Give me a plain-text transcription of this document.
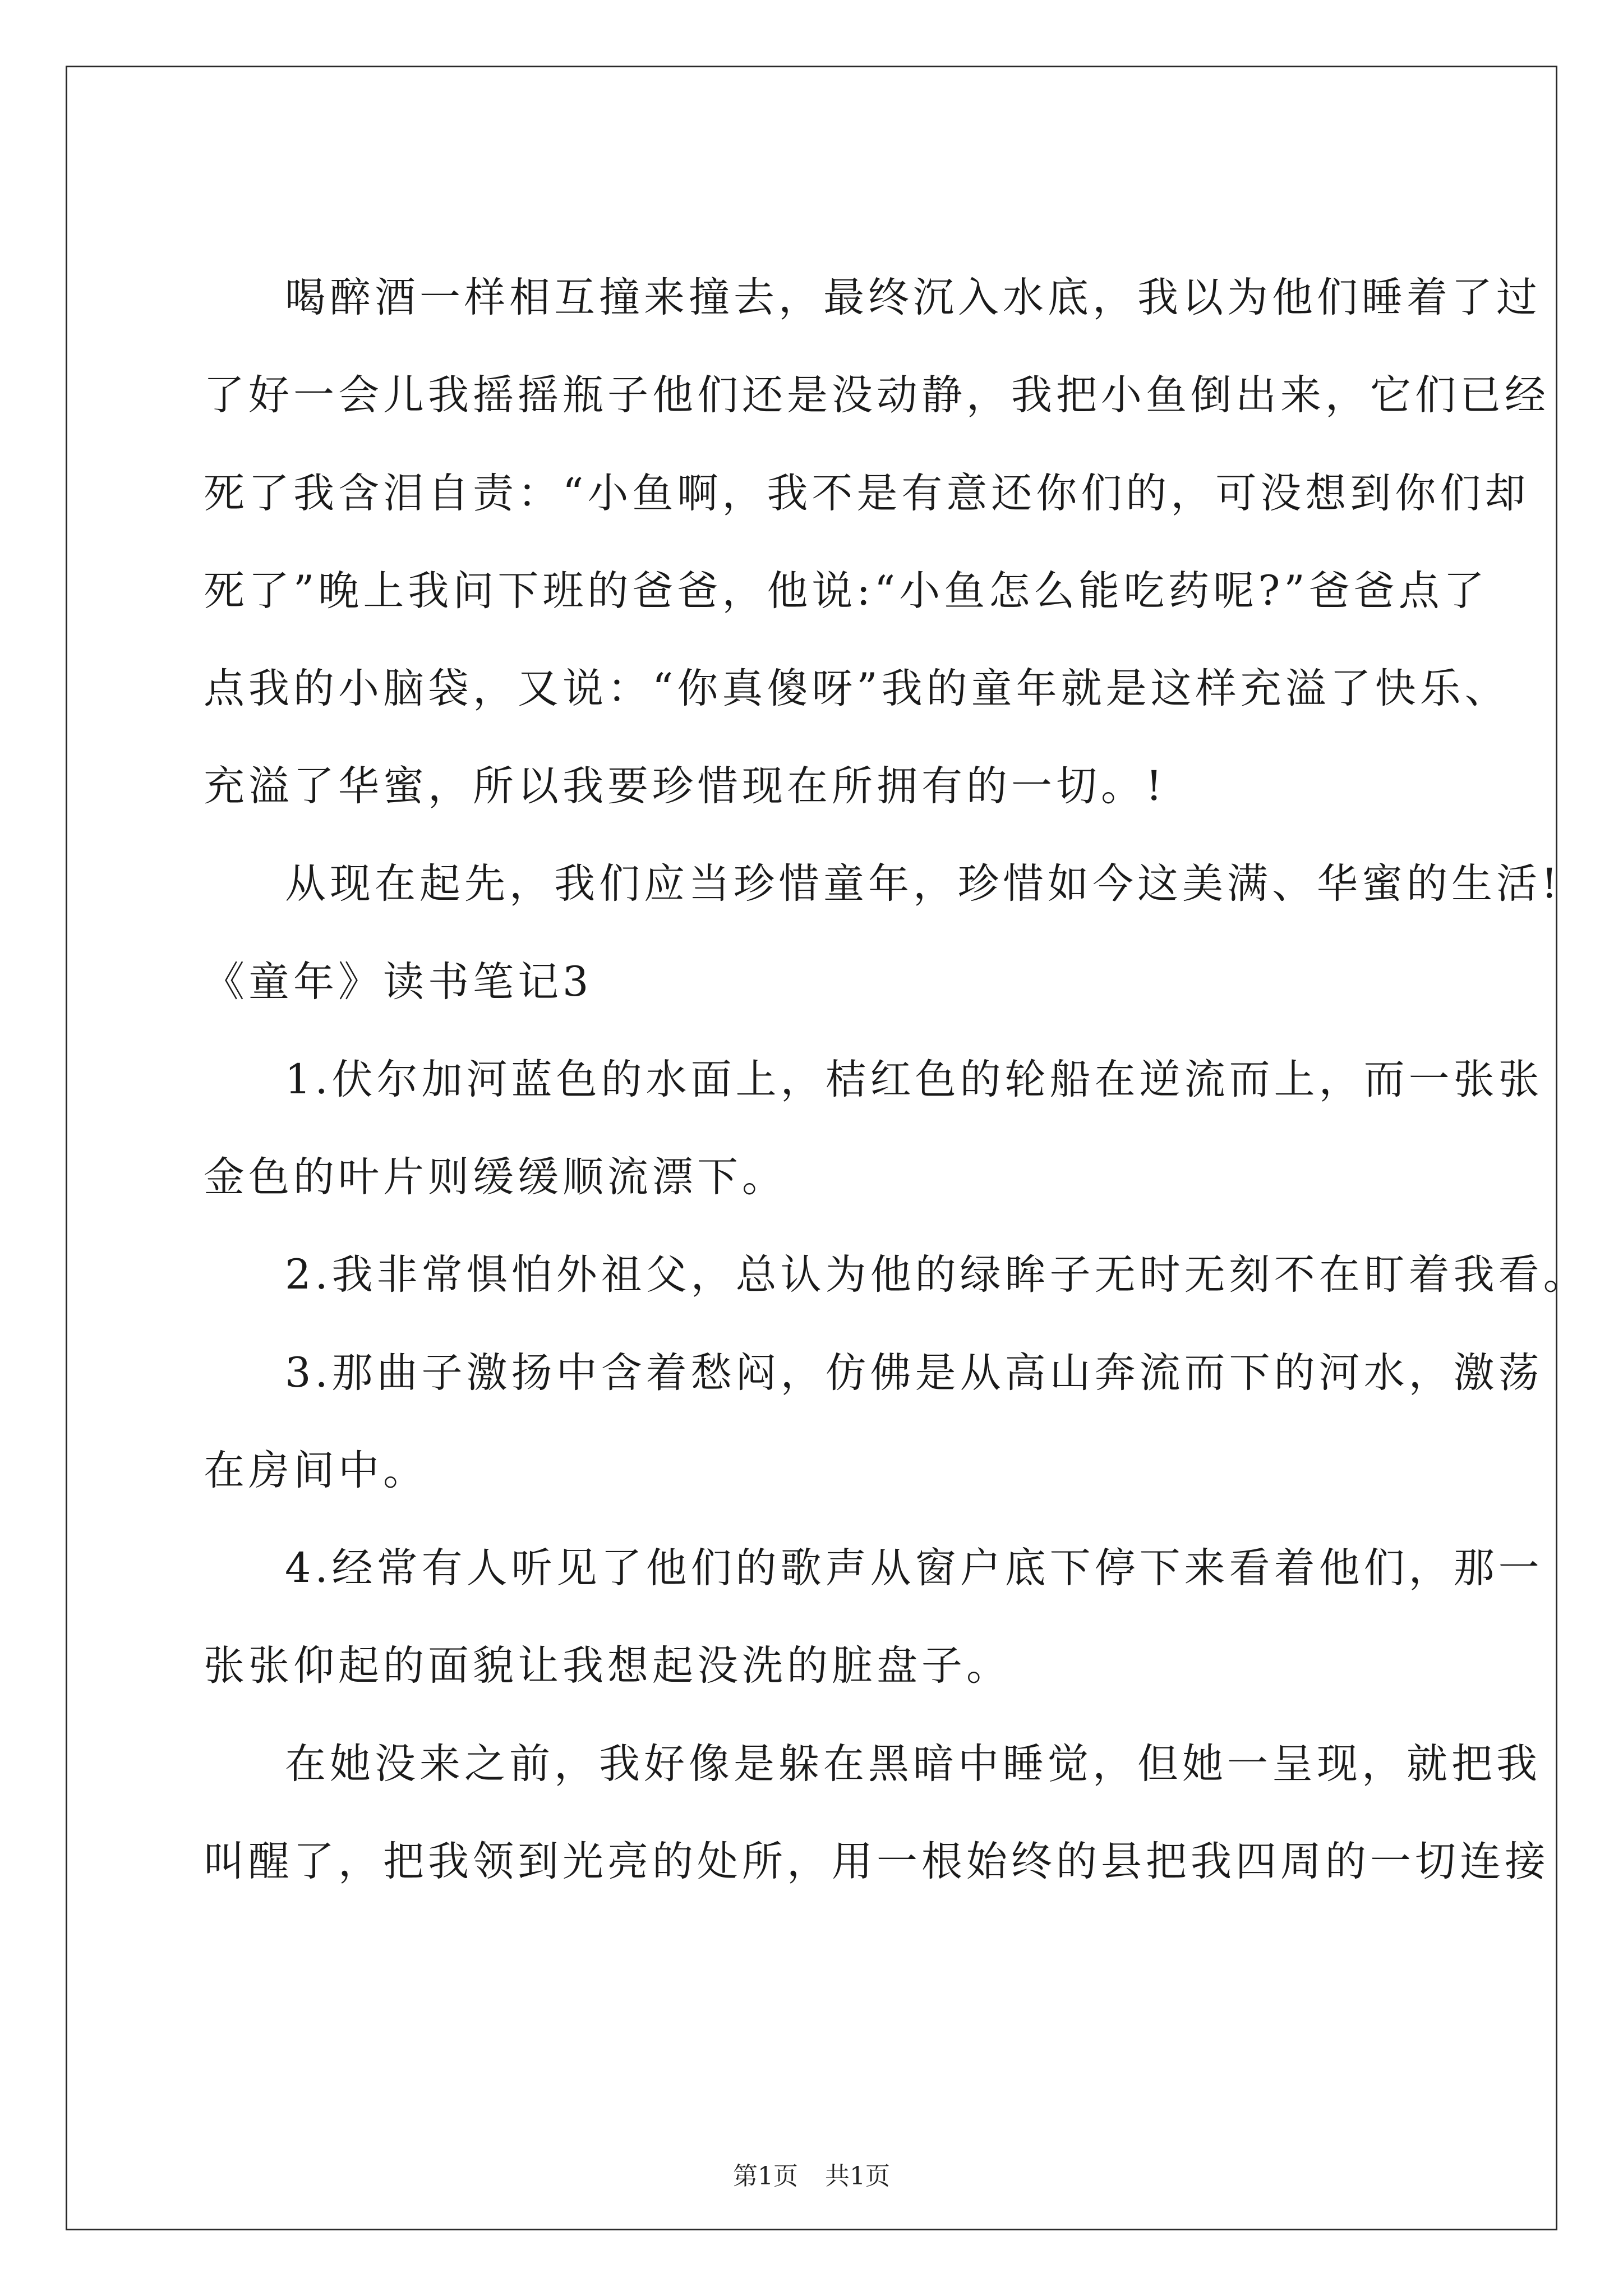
喝醉酒一样相互撞来撞去，最终沉入水底，我以为他们睡着了过
了好一会儿我摇摇瓶子他们还是没动静，我把小鱼倒出来，它们已经
死了我含泪自责：“小鱼啊，我不是有意还你们的，可没想到你们却
死了”晚上我问下班的爸爸，他说:“小鱼怎么能吃药呢?”爸爸点了
点我的小脑袋，又说：“你真傻呀”我的童年就是这样充溢了快乐、
充溢了华蜜，所以我要珍惜现在所拥有的一切。!
从现在起先，我们应当珍惜童年，珍惜如今这美满、华蜜的生活!
《童年》读书笔记3
1.伏尔加河蓝色的水面上，桔红色的轮船在逆流而上，而一张张
金色的叶片则缓缓顺流漂下。
2.我非常惧怕外祖父，总认为他的绿眸子无时无刻不在盯着我看。
3.那曲子激扬中含着愁闷，仿佛是从高山奔流而下的河水，激荡
在房间中。
4.经常有人听见了他们的歌声从窗户底下停下来看着他们，那一
张张仰起的面貌让我想起没洗的脏盘子。
在她没来之前，我好像是躲在黑暗中睡觉，但她一呈现，就把我
叫醒了，把我领到光亮的处所，用一根始终的县把我四周的一切连接
第1页 共1页
